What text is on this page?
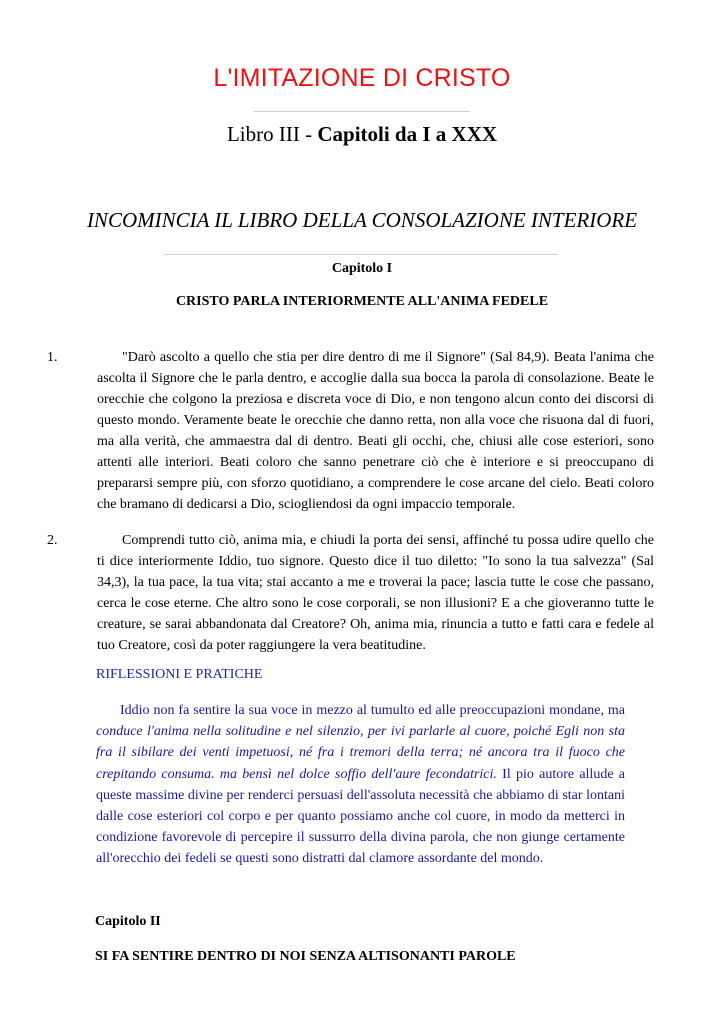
L'IMITAZIONE DI CRISTO
Libro III - Capitoli da I a XXX
INCOMINCIA IL LIBRO DELLA CONSOLAZIONE INTERIORE
Capitolo I
CRISTO PARLA INTERIORMENTE ALL'ANIMA FEDELE
1.	"Darò ascolto a quello che stia per dire dentro di me il Signore" (Sal 84,9). Beata l'anima che ascolta il Signore che le parla dentro, e accoglie dalla sua bocca la parola di consolazione. Beate le orecchie che colgono la preziosa e discreta voce di Dio, e non tengono alcun conto dei discorsi di questo mondo. Veramente beate le orecchie che danno retta, non alla voce che risuona dal di fuori, ma alla verità, che ammaestra dal di dentro. Beati gli occhi, che, chiusi alle cose esteriori, sono attenti alle interiori. Beati coloro che sanno penetrare ciò che è interiore e si preoccupano di prepararsi sempre più, con sforzo quotidiano, a comprendere le cose arcane del cielo. Beati coloro che bramano di dedicarsi a Dio, sciogliendosi da ogni impaccio temporale.
2.	Comprendi tutto ciò, anima mia, e chiudi la porta dei sensi, affinché tu possa udire quello che ti dice interiormente Iddio, tuo signore. Questo dice il tuo diletto: "Io sono la tua salvezza" (Sal 34,3), la tua pace, la tua vita; stai accanto a me e troverai la pace; lascia tutte le cose che passano, cerca le cose eterne. Che altro sono le cose corporali, se non illusioni? E a che gioveranno tutte le creature, se sarai abbandonata dal Creatore? Oh, anima mia, rinuncia a tutto e fatti cara e fedele al tuo Creatore, così da poter raggiungere la vera beatitudine.
RIFLESSIONI E PRATICHE
Iddio non fa sentire la sua voce in mezzo al tumulto ed alle preoccupazioni mondane, ma conduce l'anima nella solitudine e nel silenzio, per ivi parlarle al cuore, poiché Egli non sta fra il sibilare dei venti impetuosi, né fra i tremori della terra; né ancora tra il fuoco che crepitando consuma. ma bensì nel dolce soffio dell'aure fecondatrici. Il pio autore allude a queste massime divine per renderci persuasi dell'assoluta necessità che abbiamo di star lontani dalle cose esteriori col corpo e per quanto possiamo anche col cuore, in modo da metterci in condizione favorevole di percepire il sussurro della divina parola, che non giunge certamente all'orecchio dei fedeli se questi sono distratti dal clamore assordante del mondo.
Capitolo II
SI FA SENTIRE DENTRO DI NOI SENZA ALTISONANTI PAROLE
